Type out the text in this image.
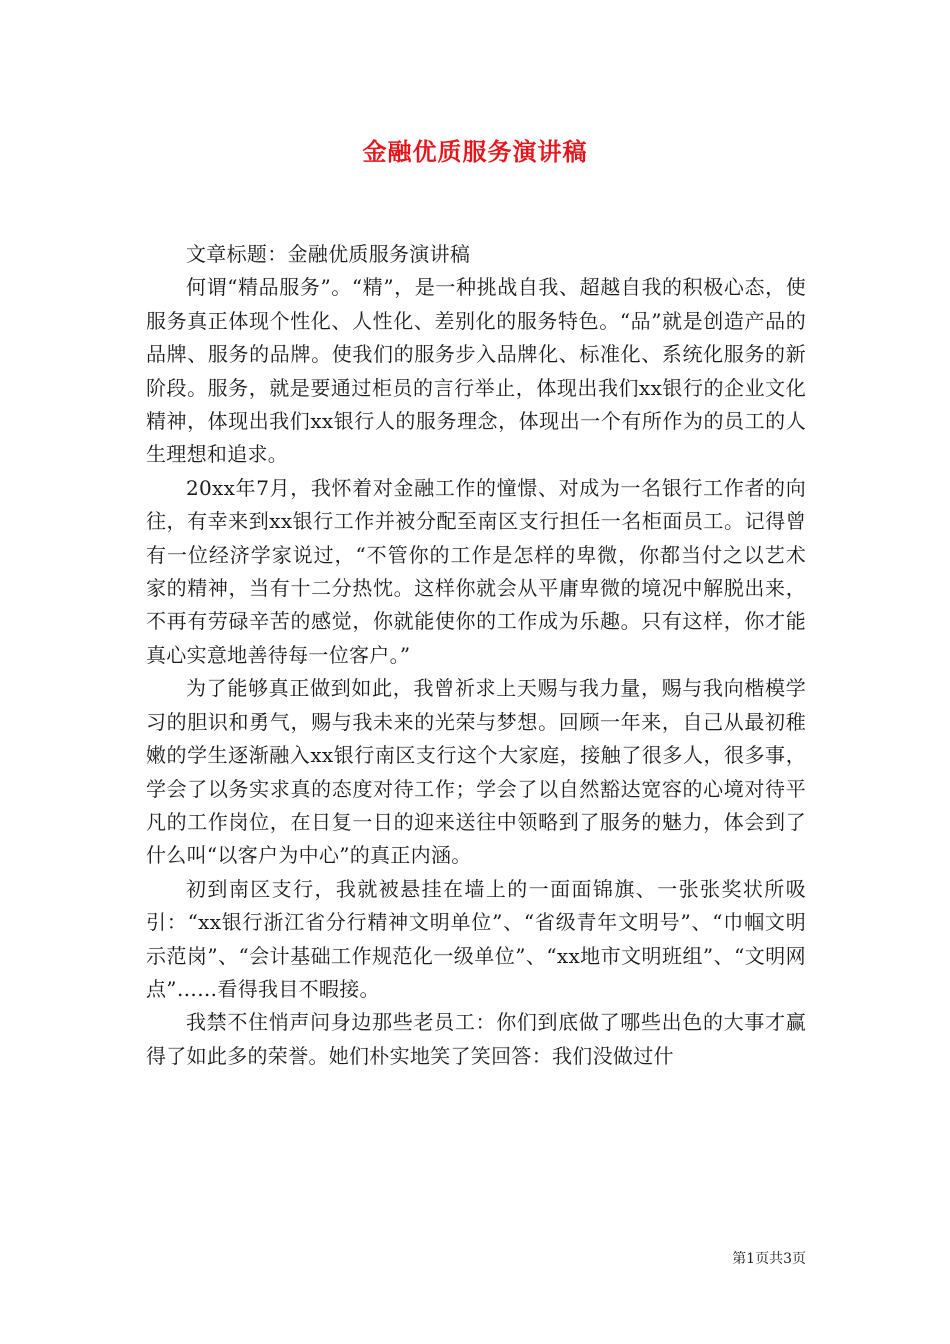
金融优质服务演讲稿

文章标题：金融优质服务演讲稿

何谓“精品服务”。“精”，是一种挑战自我、超越自我的积极心态，使服务真正体现个性化、人性化、差别化的服务特色。“品”就是创造产品的品牌、服务的品牌。使我们的服务步入品牌化、标准化、系统化服务的新阶段。服务，就是要通过柜员的言行举止，体现出我们xx银行的企业文化精神，体现出我们xx银行人的服务理念，体现出一个有所作为的员工的人生理想和追求。

20xx年7月，我怀着对金融工作的憧憬、对成为一名银行工作者的向往，有幸来到xx银行工作并被分配至南区支行担任一名柜面员工。记得曾有一位经济学家说过，“不管你的工作是怎样的卑微，你都当付之以艺术家的精神，当有十二分热忱。这样你就会从平庸卑微的境况中解脱出来，不再有劳碌辛苦的感觉，你就能使你的工作成为乐趣。只有这样，你才能真心实意地善待每一位客户。”

为了能够真正做到如此，我曾祈求上天赐与我力量，赐与我向楷模学习的胆识和勇气，赐与我未来的光荣与梦想。回顾一年来，自己从最初稚嫩的学生逐渐融入xx银行南区支行这个大家庭，接触了很多人，很多事，学会了以务实求真的态度对待工作；学会了以自然豁达宽容的心境对待平凡的工作岗位，在日复一日的迎来送往中领略到了服务的魅力，体会到了什么叫“以客户为中心”的真正内涵。

初到南区支行，我就被悬挂在墙上的一面面锦旗、一张张奖状所吸引：“xx银行浙江省分行精神文明单位”、“省级青年文明号”、“巾帼文明示范岗”、“会计基础工作规范化一级单位”、“xx地市文明班组”、“文明网点”……看得我目不暇接。

我禁不住悄声问身边那些老员工：你们到底做了哪些出色的大事才赢得了如此多的荣誉。她们朴实地笑了笑回答：我们没做过什

第1页共3页
